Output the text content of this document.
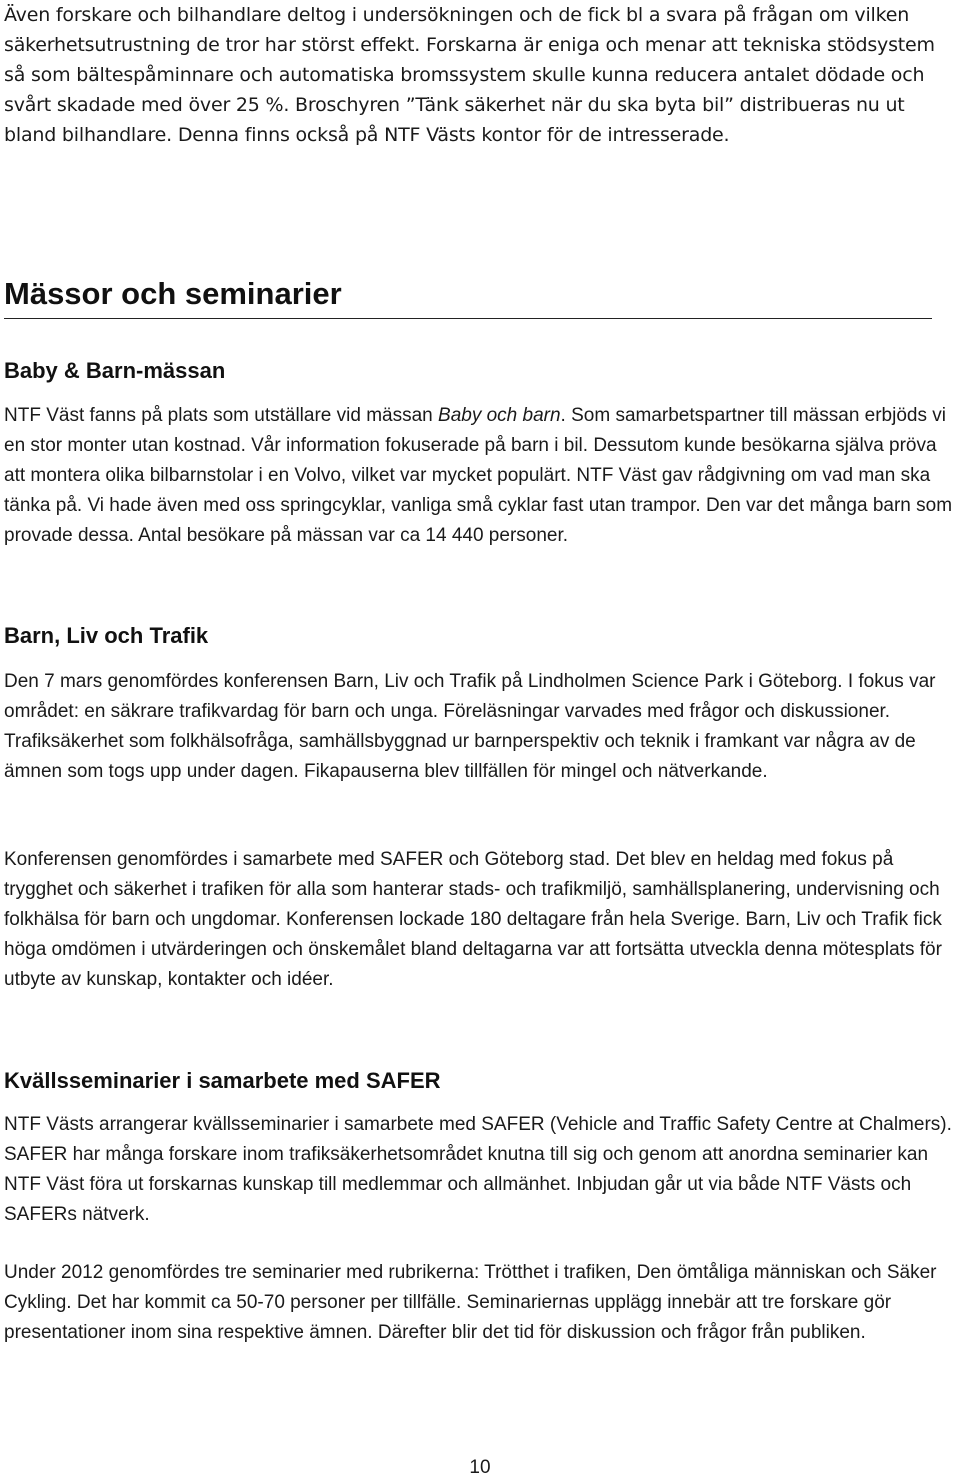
Även forskare och bilhandlare deltog i undersökningen och de fick bl a svara på frågan om vilken säkerhetsutrustning de tror har störst effekt. Forskarna är eniga och menar att tekniska stödsystem så som bältespåminnare och automatiska bromssystem skulle kunna reducera antalet dödade och svårt skadade med över 25 %. Broschyren ”Tänk säkerhet när du ska byta bil” distribueras nu ut bland bilhandlare. Denna finns också på NTF Västs kontor för de intresserade.

Mässor och seminarier
Baby & Barn-mässan

NTF Väst fanns på plats som utställare vid mässan Baby och barn. Som samarbetspartner till mässan erbjöds vi en stor monter utan kostnad. Vår information fokuserade på barn i bil. Dessutom kunde besökarna själva pröva att montera olika bilbarnstolar i en Volvo, vilket var mycket populärt. NTF Väst gav rådgivning om vad man ska tänka på. Vi hade även med oss springcyklar, vanliga små cyklar fast utan trampor. Den var det många barn som provade dessa. Antal besökare på mässan var ca 14 440 personer.

Barn, Liv och Trafik

Den 7 mars genomfördes konferensen Barn, Liv och Trafik på Lindholmen Science Park i Göteborg. I fokus var området: en säkrare trafikvardag för barn och unga. Föreläsningar varvades med frågor och diskussioner. Trafiksäkerhet som folkhälsofråga, samhällsbyggnad ur barnperspektiv och teknik i framkant var några av de ämnen som togs upp under dagen. Fikapauserna blev tillfällen för mingel och nätverkande.

Konferensen genomfördes i samarbete med SAFER och Göteborg stad. Det blev en heldag med fokus på trygghet och säkerhet i trafiken för alla som hanterar stads- och trafikmiljö, samhällsplanering, undervisning och folkhälsa för barn och ungdomar. Konferensen lockade 180 deltagare från hela Sverige. Barn, Liv och Trafik fick höga omdömen i utvärderingen och önskemålet bland deltagarna var att fortsätta utveckla denna mötesplats för utbyte av kunskap, kontakter och idéer.

Kvällsseminarier i samarbete med SAFER

NTF Västs arrangerar kvällsseminarier i samarbete med SAFER (Vehicle and Traffic Safety Centre at Chalmers). SAFER har många forskare inom trafiksäkerhetsområdet knutna till sig och genom att anordna seminarier kan NTF Väst föra ut forskarnas kunskap till medlemmar och allmänhet. Inbjudan går ut via både NTF Västs och SAFERs nätverk.

Under 2012 genomfördes tre seminarier med rubrikerna: Trötthet i trafiken, Den ömtåliga människan och Säker Cykling. Det har kommit ca 50-70 personer per tillfälle. Seminariernas upplägg innebär att tre forskare gör presentationer inom sina respektive ämnen. Därefter blir det tid för diskussion och frågor från publiken.

10
